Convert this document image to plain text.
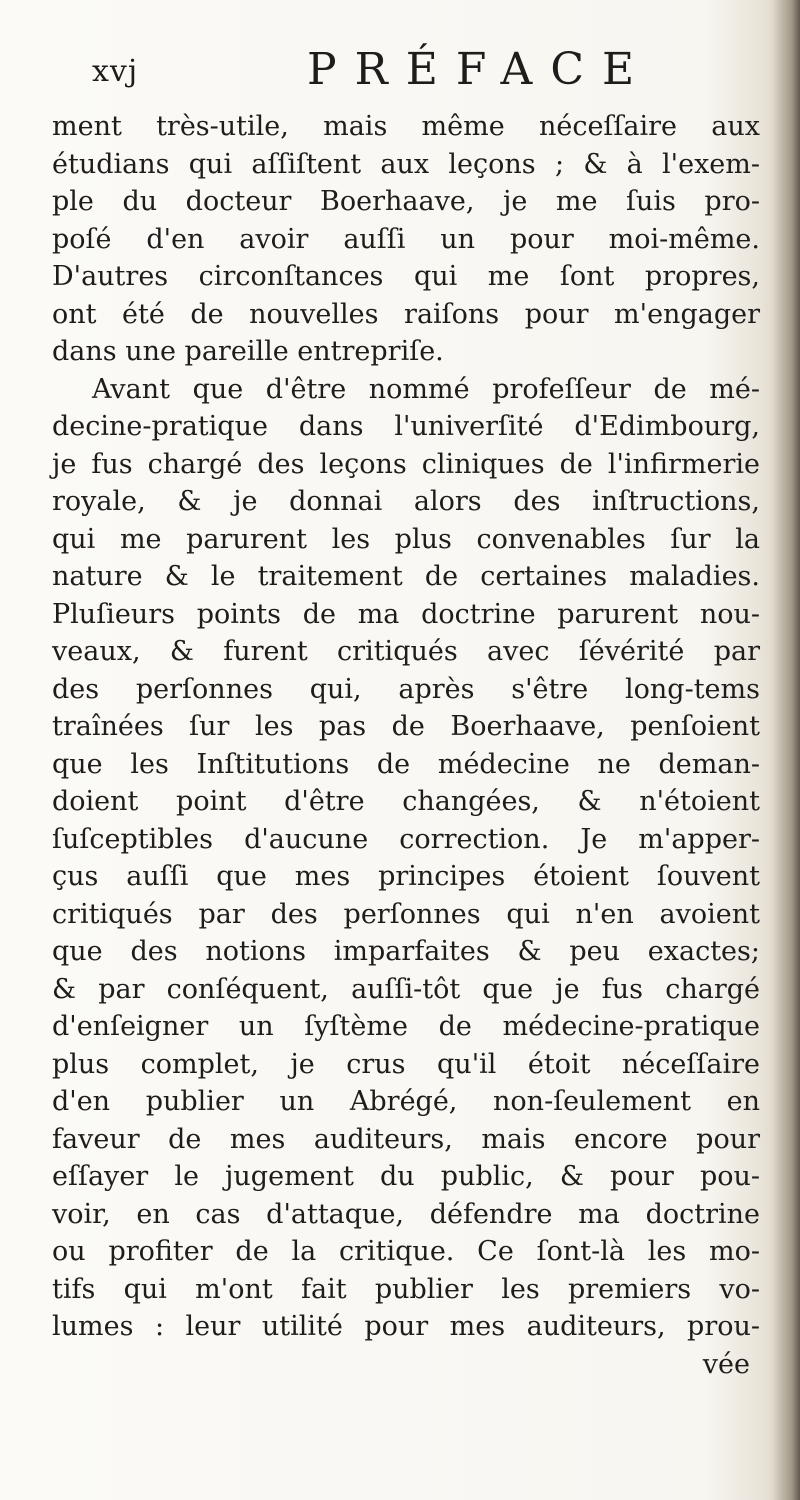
xvj	PRÉFACE

ment très-utile, mais même néceſſaire aux
étudians qui aſſiſtent aux leçons ; & à l'exem-
ple du docteur Boerhaave, je me ſuis pro-
poſé d'en avoir auſſi un pour moi-même.
D'autres circonſtances qui me ſont propres,
ont été de nouvelles raiſons pour m'engager
dans une pareille entrepriſe.
Avant que d'être nommé profeſſeur de mé-
decine-pratique dans l'univerſité d'Edimbourg,
je fus chargé des leçons cliniques de l'infirmerie
royale, & je donnai alors des inſtructions,
qui me parurent les plus convenables ſur la
nature & le traitement de certaines maladies.
Pluſieurs points de ma doctrine parurent nou-
veaux, & furent critiqués avec ſévérité par
des perſonnes qui, après s'être long-tems
traînées ſur les pas de Boerhaave, penſoient
que les Inſtitutions de médecine ne deman-
doient point d'être changées, & n'étoient
ſuſceptibles d'aucune correction. Je m'apper-
çus auſſi que mes principes étoient ſouvent
critiqués par des perſonnes qui n'en avoient
que des notions imparfaites & peu exactes;
& par conſéquent, auſſi-tôt que je fus chargé
d'enſeigner un ſyſtème de médecine-pratique
plus complet, je crus qu'il étoit néceſſaire
d'en publier un Abrégé, non-ſeulement en
faveur de mes auditeurs, mais encore pour
eſſayer le jugement du public, & pour pou-
voir, en cas d'attaque, défendre ma doctrine
ou profiter de la critique. Ce ſont-là les mo-
tifs qui m'ont fait publier les premiers vo-
lumes : leur utilité pour mes auditeurs, prou-
vée
